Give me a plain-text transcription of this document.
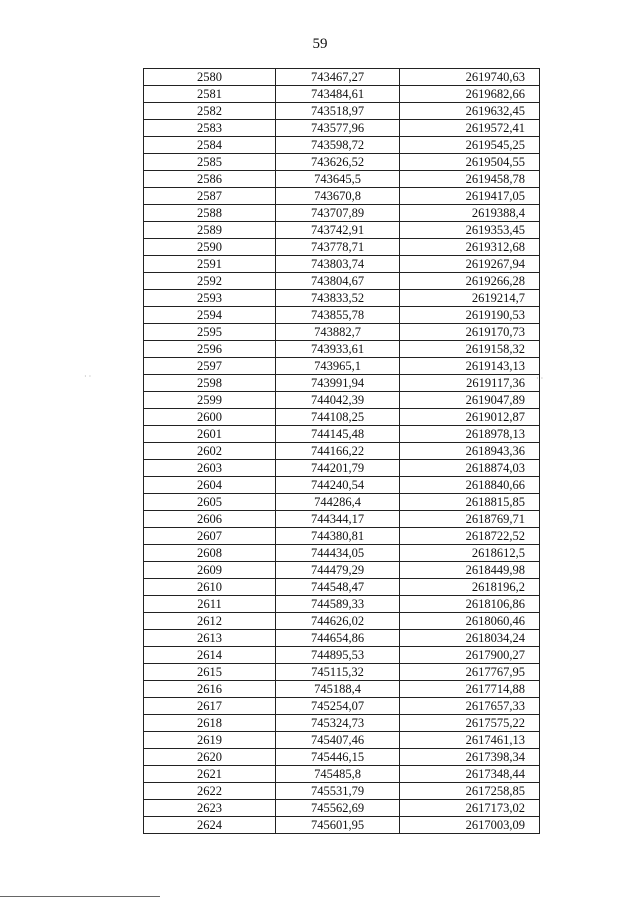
59
2580	743467,27	2619740,63
2581	743484,61	2619682,66
2582	743518,97	2619632,45
2583	743577,96	2619572,41
2584	743598,72	2619545,25
2585	743626,52	2619504,55
2586	743645,5	2619458,78
2587	743670,8	2619417,05
2588	743707,89	2619388,4
2589	743742,91	2619353,45
2590	743778,71	2619312,68
2591	743803,74	2619267,94
2592	743804,67	2619266,28
2593	743833,52	2619214,7
2594	743855,78	2619190,53
2595	743882,7	2619170,73
2596	743933,61	2619158,32
2597	743965,1	2619143,13
2598	743991,94	2619117,36
2599	744042,39	2619047,89
2600	744108,25	2619012,87
2601	744145,48	2618978,13
2602	744166,22	2618943,36
2603	744201,79	2618874,03
2604	744240,54	2618840,66
2605	744286,4	2618815,85
2606	744344,17	2618769,71
2607	744380,81	2618722,52
2608	744434,05	2618612,5
2609	744479,29	2618449,98
2610	744548,47	2618196,2
2611	744589,33	2618106,86
2612	744626,02	2618060,46
2613	744654,86	2618034,24
2614	744895,53	2617900,27
2615	745115,32	2617767,95
2616	745188,4	2617714,88
2617	745254,07	2617657,33
2618	745324,73	2617575,22
2619	745407,46	2617461,13
2620	745446,15	2617398,34
2621	745485,8	2617348,44
2622	745531,79	2617258,85
2623	745562,69	2617173,02
2624	745601,95	2617003,09
· ·	· ·
